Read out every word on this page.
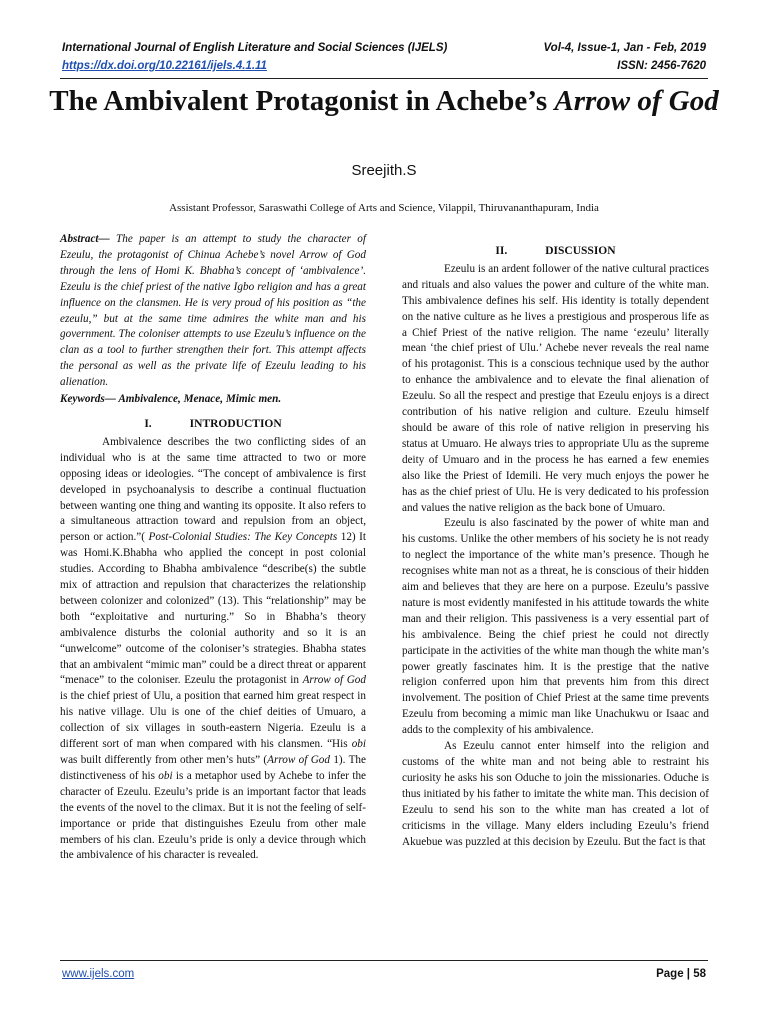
International Journal of English Literature and Social Sciences (IJELS)	Vol-4, Issue-1, Jan - Feb, 2019
https://dx.doi.org/10.22161/ijels.4.1.11	ISSN: 2456-7620
The Ambivalent Protagonist in Achebe’s Arrow of God
Sreejith.S
Assistant Professor, Saraswathi College of Arts and Science, Vilappil, Thiruvananthapuram, India

Abstract— The paper is an attempt to study the character of Ezeulu, the protagonist of Chinua Achebe’s novel Arrow of God through the lens of Homi K. Bhabha’s concept of ‘ambivalence’. Ezeulu is the chief priest of the native Igbo religion and has a great influence on the clansmen. He is very proud of his position as “the ezeulu,” but at the same time admires the white man and his government. The coloniser attempts to use Ezeulu’s influence on the clan as a tool to further strengthen their fort. This attempt affects the personal as well as the private life of Ezeulu leading to his alienation.

Keywords— Ambivalence, Menace, Mimic men.

I.	INTRODUCTION

Ambivalence describes the two conflicting sides of an individual who is at the same time attracted to two or more opposing ideas or ideologies. “The concept of ambivalence is first developed in psychoanalysis to describe a continual fluctuation between wanting one thing and wanting its opposite. It also refers to a simultaneous attraction toward and repulsion from an object, person or action.”( Post-Colonial Studies: The Key Concepts 12) It was Homi.K.Bhabha who applied the concept in post colonial studies. According to Bhabha ambivalence “describe(s) the subtle mix of attraction and repulsion that characterizes the relationship between colonizer and colonized” (13). This “relationship” may be both “exploitative and nurturing.” So in Bhabha’s theory ambivalence disturbs the colonial authority and so it is an “unwelcome” outcome of the coloniser’s strategies. Bhabha states that an ambivalent “mimic man” could be a direct threat or apparent “menace” to the coloniser. Ezeulu the protagonist in Arrow of God is the chief priest of Ulu, a position that earned him great respect in his native village. Ulu is one of the chief deities of Umuaro, a collection of six villages in south-eastern Nigeria. Ezeulu is a different sort of man when compared with his clansmen. “His obi was built differently from other men’s huts” (Arrow of God 1). The distinctiveness of his obi is a metaphor used by Achebe to infer the character of Ezeulu. Ezeulu’s pride is an important factor that leads the events of the novel to the climax. But it is not the feeling of self-importance or pride that distinguishes Ezeulu from other male members of his clan. Ezeulu’s pride is only a device through which the ambivalence of his character is revealed.

II.	DISCUSSION

Ezeulu is an ardent follower of the native cultural practices and rituals and also values the power and culture of the white man. This ambivalence defines his self. His identity is totally dependent on the native culture as he lives a prestigious and prosperous life as a Chief Priest of the native religion. The name ‘ezeulu’ literally mean ‘the chief priest of Ulu.’ Achebe never reveals the real name of his protagonist. This is a conscious technique used by the author to enhance the ambivalence and to elevate the final alienation of Ezeulu. So all the respect and prestige that Ezeulu enjoys is a direct contribution of his native religion and culture. Ezeulu himself should be aware of this role of native religion in preserving his status at Umuaro. He always tries to appropriate Ulu as the supreme deity of Umuaro and in the process he has earned a few enemies also like the Priest of Idemili. He very much enjoys the power he has as the chief priest of Ulu. He is very dedicated to his profession and values the native religion as the back bone of Umuaro.

Ezeulu is also fascinated by the power of white man and his customs. Unlike the other members of his society he is not ready to neglect the importance of the white man’s presence. Though he recognises white man not as a threat, he is conscious of their hidden aim and believes that they are here on a purpose. Ezeulu’s passive nature is most evidently manifested in his attitude towards the white man and their religion. This passiveness is a very essential part of his ambivalence. Being the chief priest he could not directly participate in the activities of the white man though the white man’s power greatly fascinates him. It is the prestige that the native religion conferred upon him that prevents him from this direct involvement. The position of Chief Priest at the same time prevents Ezeulu from becoming a mimic man like Unachukwu or Isaac and adds to the complexity of his ambivalence.

As Ezeulu cannot enter himself into the religion and customs of the white man and not being able to restraint his curiosity he asks his son Oduche to join the missionaries. Oduche is thus initiated by his father to imitate the white man. This decision of Ezeulu to send his son to the white man has created a lot of criticisms in the village. Many elders including Ezeulu’s friend Akuebue was puzzled at this decision by Ezeulu. But the fact is that

www.ijels.com	Page | 58
